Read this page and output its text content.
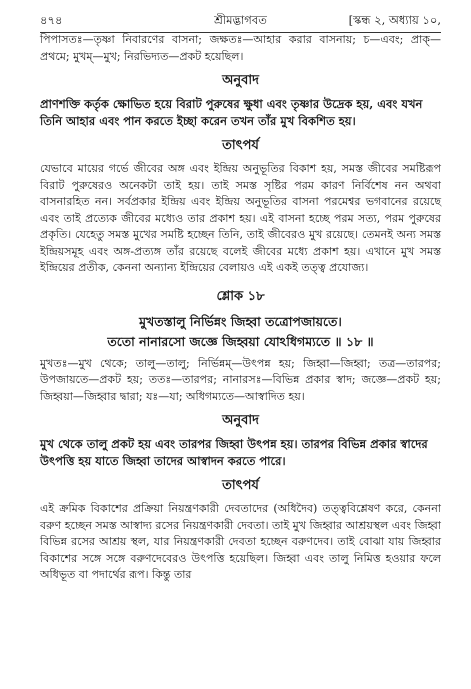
৪৭৪	শ্রীমদ্ভাগবত	[স্কন্ধ ২, অধ্যায় ১০,

পিপাসতঃ—তৃষ্ণা নিবারণের বাসনা; জক্ষতঃ—আহার করার বাসনায়; চ—এবং; প্রাক্—প্রথমে; মুখম্—মুখ; নিরভিদ্যত—প্রকট হয়েছিল।

অনুবাদ

প্রাণশক্তি কর্তৃক ক্ষোভিত হয়ে বিরাট পুরুষের ক্ষুধা এবং তৃষ্ণার উদ্রেক হয়, এবং যখন তিনি আহার এবং পান করতে ইচ্ছা করেন তখন তাঁর মুখ বিকশিত হয়।

তাৎপর্য

যেভাবে মায়ের গর্ভে জীবের অঙ্গ এবং ইন্দ্রিয় অনুভূতির বিকাশ হয়, সমস্ত জীবের সমষ্টিরূপ বিরাট পুরুষেরও অনেকটা তাই হয়। তাই সমস্ত সৃষ্টির পরম কারণ নির্বিশেষ নন অথবা বাসনারহিত নন। সর্বপ্রকার ইন্দ্রিয় এবং ইন্দ্রিয় অনুভূতির বাসনা পরমেশ্বর ভগবানের রয়েছে এবং তাই প্রত্যেক জীবের মধ্যেও তার প্রকাশ হয়। এই বাসনা হচ্ছে পরম সত্য, পরম পুরুষের প্রকৃতি। যেহেতু সমস্ত মুখের সমষ্টি হচ্ছেন তিনি, তাই জীবেরও মুখ রয়েছে। তেমনই অন্য সমস্ত ইন্দ্রিয়সমূহ এবং অঙ্গ-প্রত্যঙ্গ তাঁর রয়েছে বলেই জীবের মধ্যে প্রকাশ হয়। এখানে মুখ সমস্ত ইন্দ্রিয়ের প্রতীক, কেননা অন্যান্য ইন্দ্রিয়ের বেলায়ও এই একই তত্ত্ব প্রযোজ্য।

শ্লোক ১৮
মুখতস্তালু নির্ভিন্নং জিহ্বা তত্রোপজায়তে।
ততো নানারসো জজ্ঞে জিহ্বয়া যোঽধিগম্যতে ॥ ১৮ ॥

মুখতঃ—মুখ থেকে; তালু—তালু; নির্ভিন্নম্—উৎপন্ন হয়; জিহ্বা—জিহ্বা; তত্র—তারপর; উপজায়তে—প্রকট হয়; ততঃ—তারপর; নানারসঃ—বিভিন্ন প্রকার স্বাদ; জজ্ঞে—প্রকট হয়; জিহ্বয়া—জিহ্বার দ্বারা; যঃ—যা; অধিগম্যতে—আস্বাদিত হয়।

অনুবাদ

মুখ থেকে তালু প্রকট হয় এবং তারপর জিহ্বা উৎপন্ন হয়। তারপর বিভিন্ন প্রকার স্বাদের উৎপত্তি হয় যাতে জিহ্বা তাদের আস্বাদন করতে পারে।

তাৎপর্য

এই ক্রমিক বিকাশের প্রক্রিয়া নিয়ন্ত্রণকারী দেবতাদের (অধিদৈব) তত্ত্ববিশ্লেষণ করে, কেননা বরুণ হচ্ছেন সমস্ত আস্বাদ্য রসের নিয়ন্ত্রণকারী দেবতা। তাই মুখ জিহ্বার আশ্রয়স্থল এবং জিহ্বা বিভিন্ন রসের আশ্রয় স্থল, যার নিয়ন্ত্রণকারী দেবতা হচ্ছেন বরুণদেব। তাই বোঝা যায় জিহ্বার বিকাশের সঙ্গে সঙ্গে বরুণদেবেরও উৎপত্তি হয়েছিল। জিহ্বা এবং তালু নিমিত্ত হওয়ার ফলে অধিভূত বা পদার্থের রূপ। কিন্তু তার
